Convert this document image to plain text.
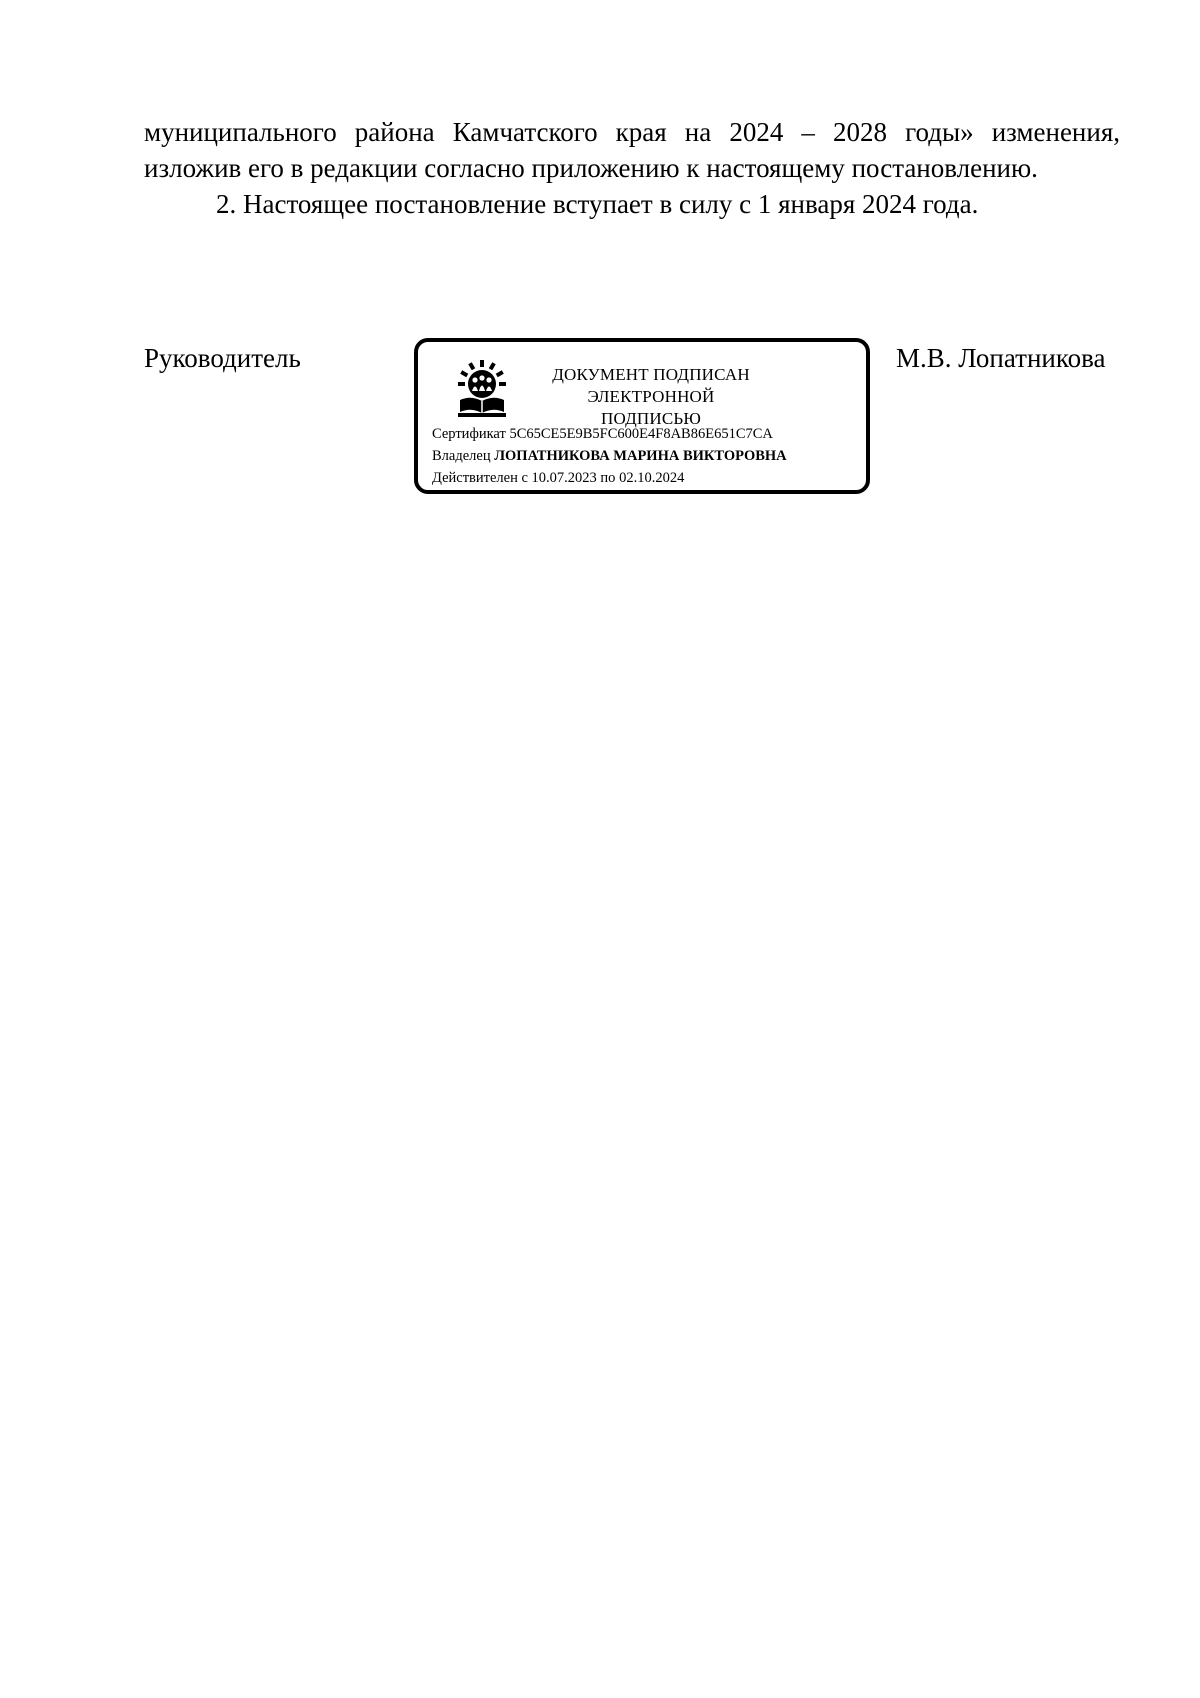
муниципального района Камчатского края на 2024 – 2028 годы» изменения,

изложив его в редакции согласно приложению к настоящему постановлению.

2. Настоящее постановление вступает в силу с 1 января 2024 года.

Руководитель
ДОКУМЕНТ ПОДПИСАН
ЭЛЕКТРОННОЙ ПОДПИСЬЮ
Сертификат 5C65CE5E9B5FC600E4F8AB86E651C7CA
Владелец ЛОПАТНИКОВА МАРИНА ВИКТОРОВНА
Действителен с 10.07.2023 по 02.10.2024
М.В. Лопатникова
